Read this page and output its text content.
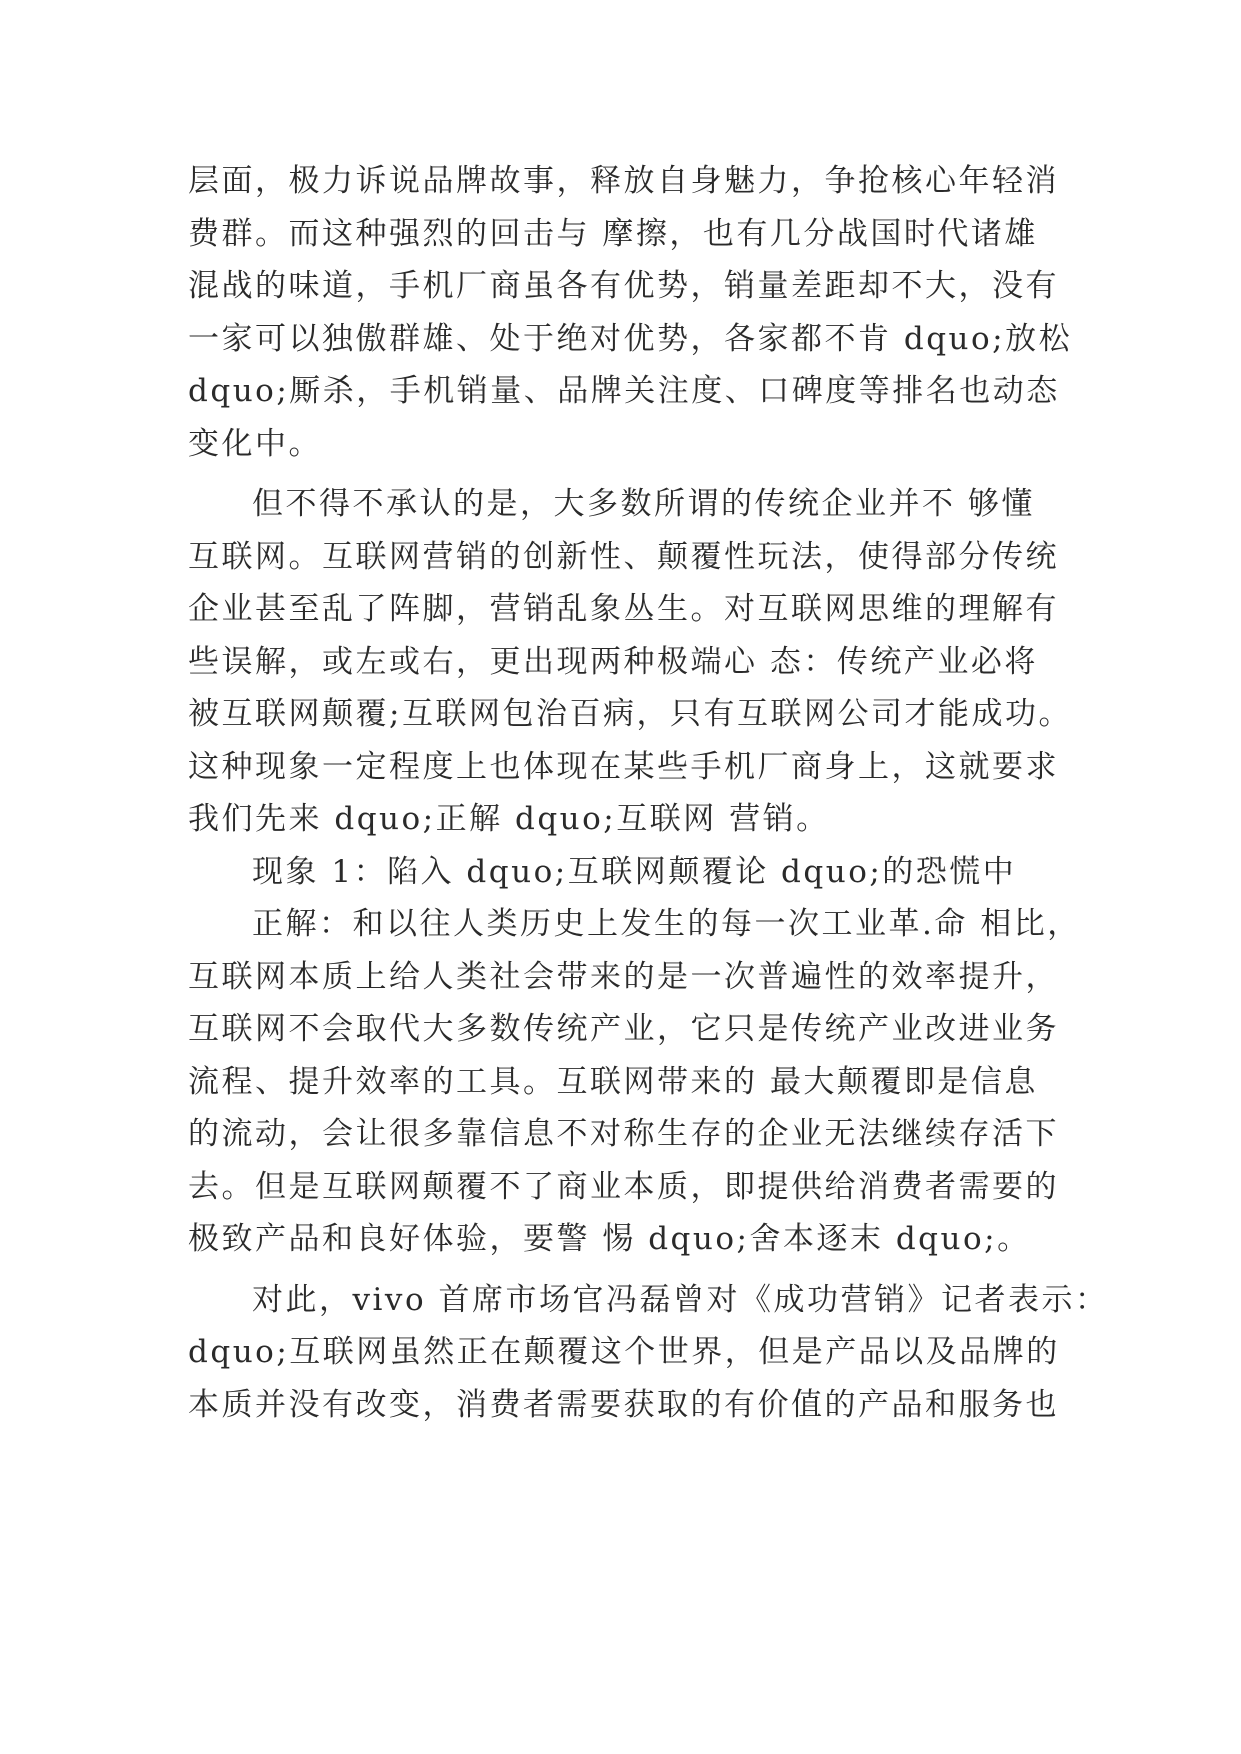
层面，极力诉说品牌故事，释放自身魅力，争抢核心年轻消
费群。而这种强烈的回击与 摩擦，也有几分战国时代诸雄
混战的味道，手机厂商虽各有优势，销量差距却不大，没有
一家可以独傲群雄、处于绝对优势，各家都不肯 dquo;放松
dquo;厮杀，手机销量、品牌关注度、口碑度等排名也动态
变化中。
但不得不承认的是，大多数所谓的传统企业并不 够懂
互联网。互联网营销的创新性、颠覆性玩法，使得部分传统
企业甚至乱了阵脚，营销乱象丛生。对互联网思维的理解有
些误解，或左或右，更出现两种极端心 态：传统产业必将
被互联网颠覆;互联网包治百病，只有互联网公司才能成功。
这种现象一定程度上也体现在某些手机厂商身上，这就要求
我们先来 dquo;正解 dquo;互联网 营销。
现象 1：陷入 dquo;互联网颠覆论 dquo;的恐慌中
正解：和以往人类历史上发生的每一次工业革.命 相比，
互联网本质上给人类社会带来的是一次普遍性的效率提升，
互联网不会取代大多数传统产业，它只是传统产业改进业务
流程、提升效率的工具。互联网带来的 最大颠覆即是信息
的流动，会让很多靠信息不对称生存的企业无法继续存活下
去。但是互联网颠覆不了商业本质，即提供给消费者需要的
极致产品和良好体验，要警 惕 dquo;舍本逐末 dquo;。
对此，vivo 首席市场官冯磊曾对《成功营销》记者表示：
dquo;互联网虽然正在颠覆这个世界，但是产品以及品牌的
本质并没有改变，消费者需要获取的有价值的产品和服务也
